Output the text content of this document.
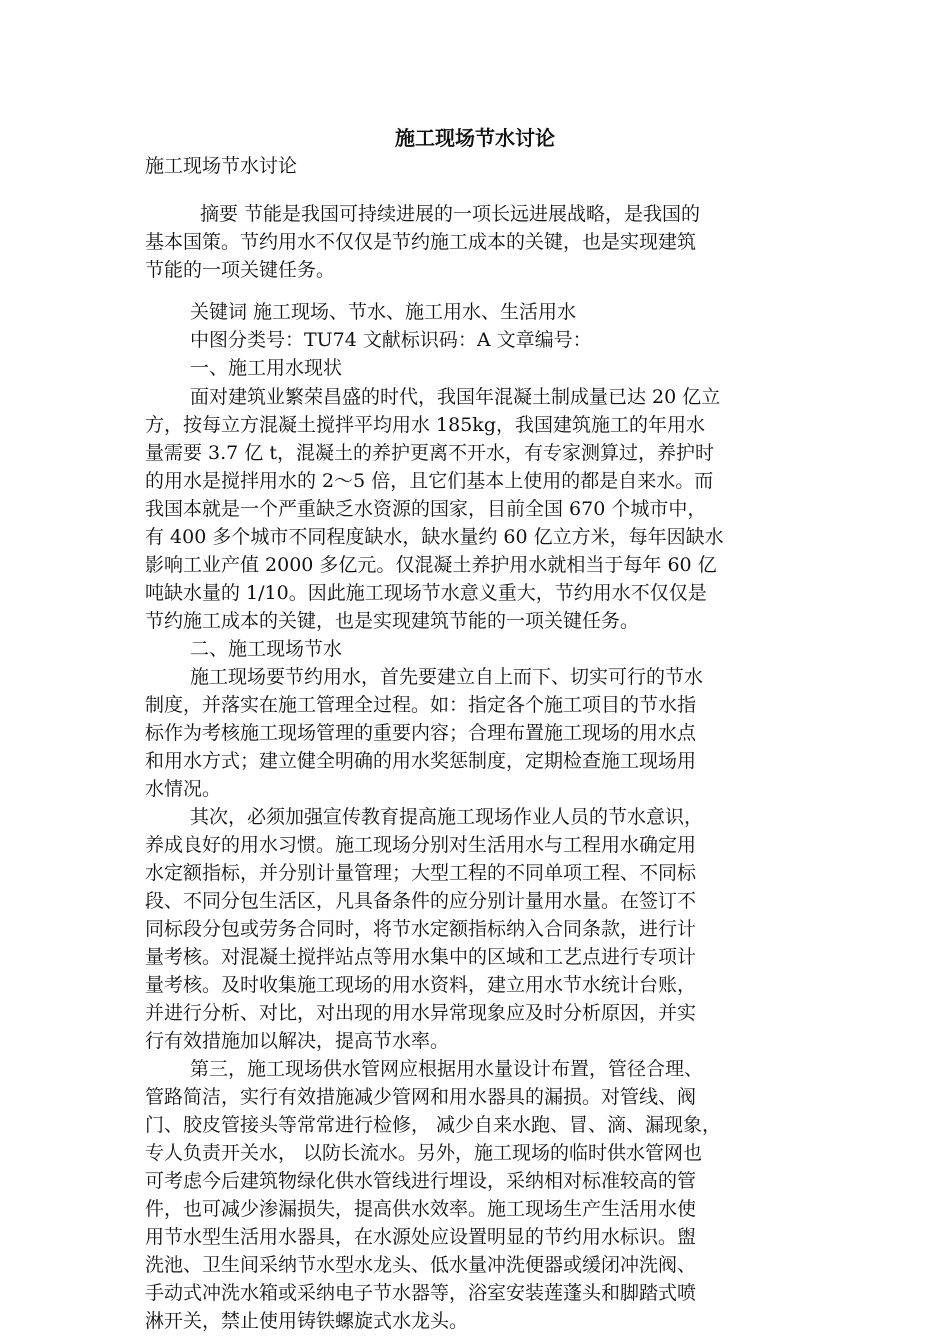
施工现场节水讨论
施工现场节水讨论
摘要 节能是我国可持续进展的一项长远进展战略，是我国的
基本国策。节约用水不仅仅是节约施工成本的关键，也是实现建筑
节能的一项关键任务。
关键词 施工现场、节水、施工用水、生活用水
中图分类号：TU74 文献标识码：A 文章编号：
一、施工用水现状
面对建筑业繁荣昌盛的时代，我国年混凝土制成量已达 20 亿立
方，按每立方混凝土搅拌平均用水 185kg，我国建筑施工的年用水
量需要 3.7 亿 t，混凝土的养护更离不开水，有专家测算过，养护时
的用水是搅拌用水的 2～5 倍，且它们基本上使用的都是自来水。而
我国本就是一个严重缺乏水资源的国家，目前全国 670 个城市中，
有 400 多个城市不同程度缺水，缺水量约 60 亿立方米，每年因缺水
影响工业产值 2000 多亿元。仅混凝土养护用水就相当于每年 60 亿
吨缺水量的 1/10。因此施工现场节水意义重大，节约用水不仅仅是
节约施工成本的关键，也是实现建筑节能的一项关键任务。
二、施工现场节水
施工现场要节约用水，首先要建立自上而下、切实可行的节水
制度，并落实在施工管理全过程。如：指定各个施工项目的节水指
标作为考核施工现场管理的重要内容；合理布置施工现场的用水点
和用水方式；建立健全明确的用水奖惩制度，定期检查施工现场用
水情况。
其次，必须加强宣传教育提高施工现场作业人员的节水意识，
养成良好的用水习惯。施工现场分别对生活用水与工程用水确定用
水定额指标，并分别计量管理；大型工程的不同单项工程、不同标
段、不同分包生活区，凡具备条件的应分别计量用水量。在签订不
同标段分包或劳务合同时，将节水定额指标纳入合同条款，进行计
量考核。对混凝土搅拌站点等用水集中的区域和工艺点进行专项计
量考核。及时收集施工现场的用水资料，建立用水节水统计台账，
并进行分析、对比，对出现的用水异常现象应及时分析原因，并实
行有效措施加以解决，提高节水率。
第三，施工现场供水管网应根据用水量设计布置，管径合理、
管路简洁，实行有效措施减少管网和用水器具的漏损。对管线、阀
门、胶皮管接头等常常进行检修， 减少自来水跑、冒、滴、漏现象，
专人负责开关水， 以防长流水。另外，施工现场的临时供水管网也
可考虑今后建筑物绿化供水管线进行埋设，采纳相对标准较高的管
件，也可减少渗漏损失，提高供水效率。施工现场生产生活用水使
用节水型生活用水器具，在水源处应设置明显的节约用水标识。盥
洗池、卫生间采纳节水型水龙头、低水量冲洗便器或缓闭冲洗阀、
手动式冲洗水箱或采纳电子节水器等，浴室安装莲蓬头和脚踏式喷
淋开关，禁止使用铸铁螺旋式水龙头。
